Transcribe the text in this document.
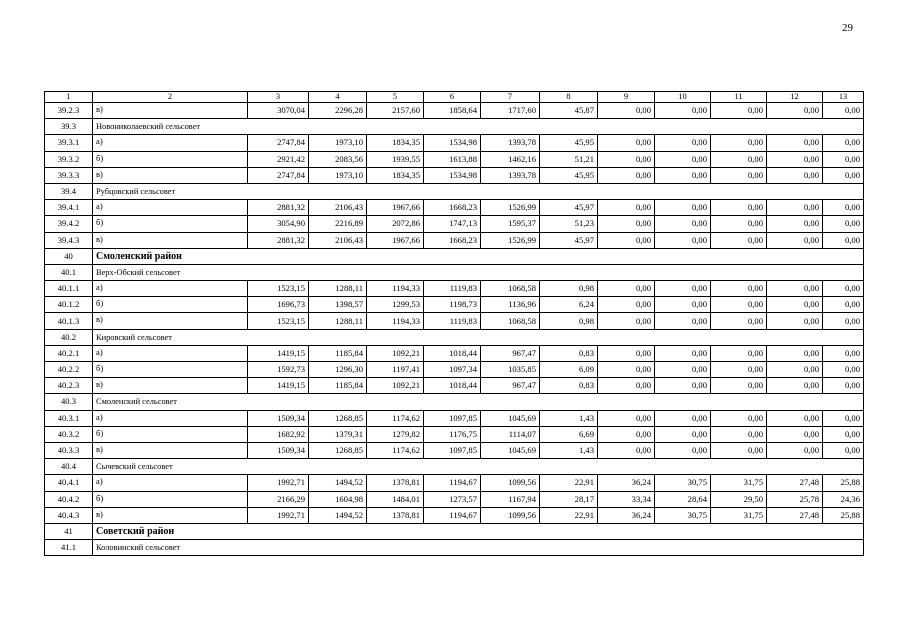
29
1	2	3	4	5	6	7	8	9	10	11	12	13
39.2.3	в)	3070,04	2296,28	2157,60	1858,64	1717,60	45,87	0,00	0,00	0,00	0,00	0,00
39.3	Новониколаевский сельсовет											
39.3.1	а)	2747,84	1973,10	1834,35	1534,98	1393,78	45,95	0,00	0,00	0,00	0,00	0,00
39.3.2	б)	2921,42	2083,56	1939,55	1613,88	1462,16	51,21	0,00	0,00	0,00	0,00	0,00
39.3.3	в)	2747,84	1973,10	1834,35	1534,98	1393,78	45,95	0,00	0,00	0,00	0,00	0,00
39.4	Рубцовский сельсовет											
39.4.1	а)	2881,32	2106,43	1967,66	1668,23	1526,99	45,97	0,00	0,00	0,00	0,00	0,00
39.4.2	б)	3054,90	2216,89	2072,86	1747,13	1595,37	51,23	0,00	0,00	0,00	0,00	0,00
39.4.3	в)	2881,32	2106,43	1967,66	1668,23	1526,99	45,97	0,00	0,00	0,00	0,00	0,00
40	Смоленский район											
40.1	Верх-Обский сельсовет											
40.1.1	а)	1523,15	1288,11	1194,33	1119,83	1068,58	0,98	0,00	0,00	0,00	0,00	0,00
40.1.2	б)	1696,73	1398,57	1299,53	1198,73	1136,96	6,24	0,00	0,00	0,00	0,00	0,00
40.1.3	в)	1523,15	1288,11	1194,33	1119,83	1068,58	0,98	0,00	0,00	0,00	0,00	0,00
40.2	Кировский сельсовет											
40.2.1	а)	1419,15	1185,84	1092,21	1018,44	967,47	0,83	0,00	0,00	0,00	0,00	0,00
40.2.2	б)	1592,73	1296,30	1197,41	1097,34	1035,85	6,09	0,00	0,00	0,00	0,00	0,00
40.2.3	в)	1419,15	1185,84	1092,21	1018,44	967,47	0,83	0,00	0,00	0,00	0,00	0,00
40.3	Смоленский сельсовет											
40.3.1	а)	1509,34	1268,85	1174,62	1097,85	1045,69	1,43	0,00	0,00	0,00	0,00	0,00
40.3.2	б)	1682,92	1379,31	1279,82	1176,75	1114,07	6,69	0,00	0,00	0,00	0,00	0,00
40.3.3	в)	1509,34	1268,85	1174,62	1097,85	1045,69	1,43	0,00	0,00	0,00	0,00	0,00
40.4	Сычевский сельсовет											
40.4.1	а)	1992,71	1494,52	1378,81	1194,67	1099,56	22,91	36,24	30,75	31,75	27,48	25,88
40.4.2	б)	2166,29	1604,98	1484,01	1273,57	1167,94	28,17	33,34	28,64	29,50	25,78	24,36
40.4.3	в)	1992,71	1494,52	1378,81	1194,67	1099,56	22,91	36,24	30,75	31,75	27,48	25,88
41	Советский район											
41.1	Коловинский сельсовет											
